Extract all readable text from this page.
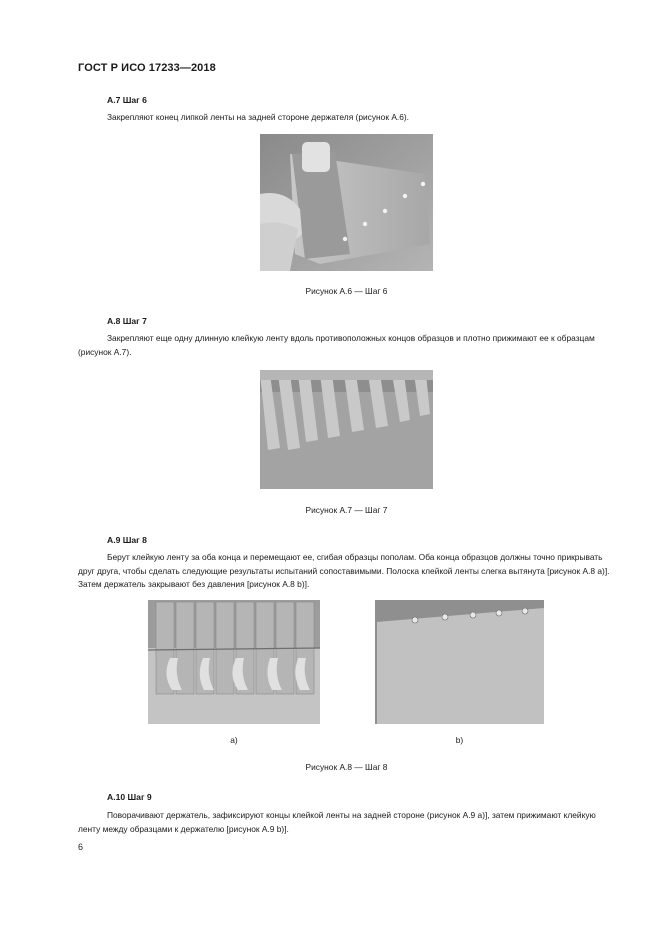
ГОСТ Р ИСО 17233—2018
А.7 Шаг 6
Закрепляют конец липкой ленты на задней стороне держателя (рисунок А.6).
Рисунок А.6 — Шаг 6
А.8 Шаг 7
Закрепляют еще одну длинную клейкую ленту вдоль противоположных концов образцов и плотно прижимают ее к образцам (рисунок А.7).
Рисунок А.7 — Шаг 7
А.9 Шаг 8
Берут клейкую ленту за оба конца и перемещают ее, сгибая образцы пополам. Оба конца образцов должны точно прикрывать друг друга, чтобы сделать следующие результаты испытаний сопоставимыми. Полоска клейкой ленты слегка вытянута [рисунок А.8 а)]. Затем держатель закрывают без давления [рисунок А.8 b)].
а)	b)
Рисунок А.8 — Шаг 8
А.10 Шаг 9
Поворачивают держатель, зафиксируют концы клейкой ленты на задней стороне (рисунок А.9 а)], затем прижимают клейкую ленту между образцами к держателю [рисунок А.9 b)].
6
